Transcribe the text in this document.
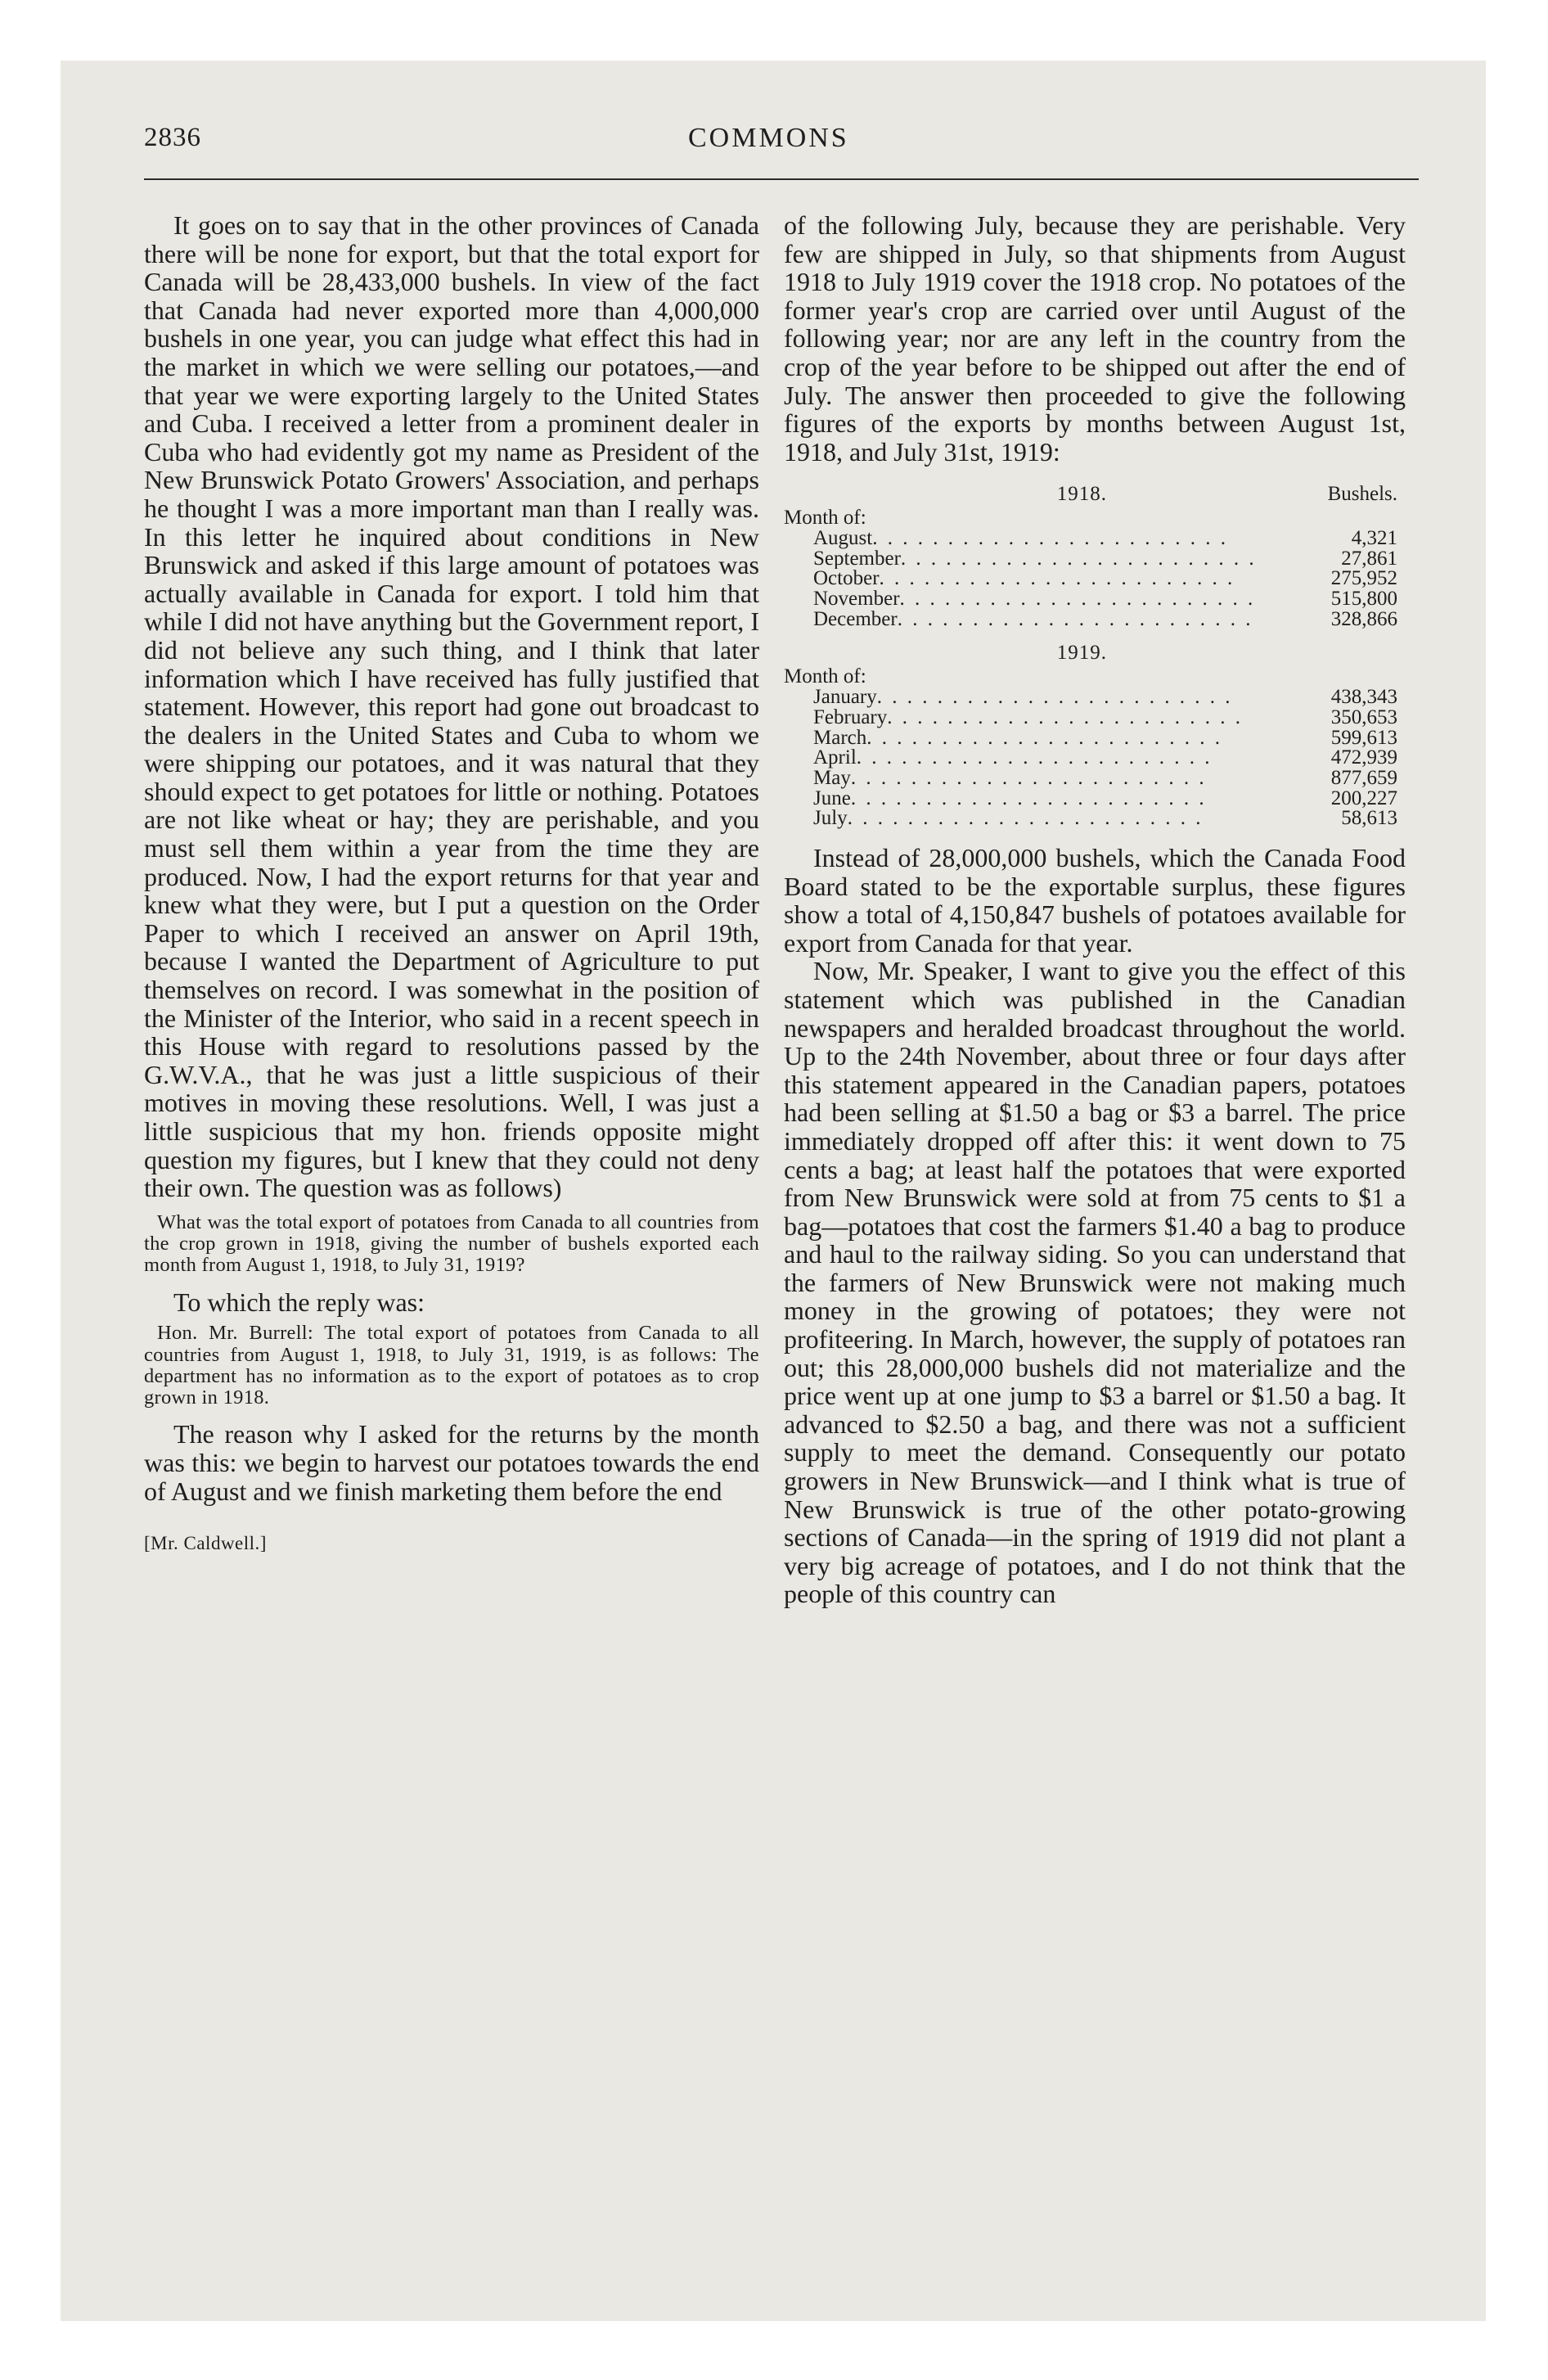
2836	COMMONS

It goes on to say that in the other provinces of Canada there will be none for export, but that the total export for Canada will be 28,433,000 bushels. In view of the fact that Canada had never exported more than 4,000,000 bushels in one year, you can judge what effect this had in the market in which we were selling our potatoes,—and that year we were exporting largely to the United States and Cuba. I received a letter from a prominent dealer in Cuba who had evidently got my name as President of the New Brunswick Potato Growers' Association, and perhaps he thought I was a more important man than I really was. In this letter he inquired about conditions in New Brunswick and asked if this large amount of potatoes was actually available in Canada for export. I told him that while I did not have anything but the Government report, I did not believe any such thing, and I think that later information which I have received has fully justified that statement. However, this report had gone out broadcast to the dealers in the United States and Cuba to whom we were shipping our potatoes, and it was natural that they should expect to get potatoes for little or nothing. Potatoes are not like wheat or hay; they are perishable, and you must sell them within a year from the time they are produced. Now, I had the export returns for that year and knew what they were, but I put a question on the Order Paper to which I received an answer on April 19th, because I wanted the Department of Agriculture to put themselves on record. I was somewhat in the position of the Minister of the Interior, who said in a recent speech in this House with regard to resolutions passed by the G.W.V.A., that he was just a little suspicious of their motives in moving these resolutions. Well, I was just a little suspicious that my hon. friends opposite might question my figures, but I knew that they could not deny their own. The question was as follows)

What was the total export of potatoes from Canada to all countries from the crop grown in 1918, giving the number of bushels exported each month from August 1, 1918, to July 31, 1919?

To which the reply was:

Hon. Mr. Burrell: The total export of potatoes from Canada to all countries from August 1, 1918, to July 31, 1919, is as follows: The department has no information as to the export of potatoes as to crop grown in 1918.

The reason why I asked for the returns by the month was this: we begin to harvest our potatoes towards the end of August and we finish marketing them before the end

[Mr. Caldwell.]

of the following July, because they are perishable. Very few are shipped in July, so that shipments from August 1918 to July 1919 cover the 1918 crop. No potatoes of the former year's crop are carried over until August of the following year; nor are any left in the country from the crop of the year before to be shipped out after the end of July. The answer then proceeded to give the following figures of the exports by months between August 1st, 1918, and July 31st, 1919:

1918.	Bushels.
Month of:
August. . . . . . . . . . . . . . . . . . . . . . . .	4,321
September. . . . . . . . . . . . . . . . . . . . . . . .	27,861
October. . . . . . . . . . . . . . . . . . . . . . . .	275,952
November. . . . . . . . . . . . . . . . . . . . . . . .	515,800
December. . . . . . . . . . . . . . . . . . . . . . . .	328,866
1919.
Month of:
January. . . . . . . . . . . . . . . . . . . . . . . .	438,343
February. . . . . . . . . . . . . . . . . . . . . . . .	350,653
March. . . . . . . . . . . . . . . . . . . . . . . .	599,613
April. . . . . . . . . . . . . . . . . . . . . . . .	472,939
May. . . . . . . . . . . . . . . . . . . . . . . .	877,659
June. . . . . . . . . . . . . . . . . . . . . . . .	200,227
July. . . . . . . . . . . . . . . . . . . . . . . .	58,613

Instead of 28,000,000 bushels, which the Canada Food Board stated to be the exportable surplus, these figures show a total of 4,150,847 bushels of potatoes available for export from Canada for that year.

Now, Mr. Speaker, I want to give you the effect of this statement which was published in the Canadian newspapers and heralded broadcast throughout the world. Up to the 24th November, about three or four days after this statement appeared in the Canadian papers, potatoes had been selling at $1.50 a bag or $3 a barrel. The price immediately dropped off after this: it went down to 75 cents a bag; at least half the potatoes that were exported from New Brunswick were sold at from 75 cents to $1 a bag—potatoes that cost the farmers $1.40 a bag to produce and haul to the railway siding. So you can understand that the farmers of New Brunswick were not making much money in the growing of potatoes; they were not profiteering. In March, however, the supply of potatoes ran out; this 28,000,000 bushels did not materialize and the price went up at one jump to $3 a barrel or $1.50 a bag. It advanced to $2.50 a bag, and there was not a sufficient supply to meet the demand. Consequently our potato growers in New Brunswick—and I think what is true of New Brunswick is true of the other potato-growing sections of Canada—in the spring of 1919 did not plant a very big acreage of potatoes, and I do not think that the people of this country can
